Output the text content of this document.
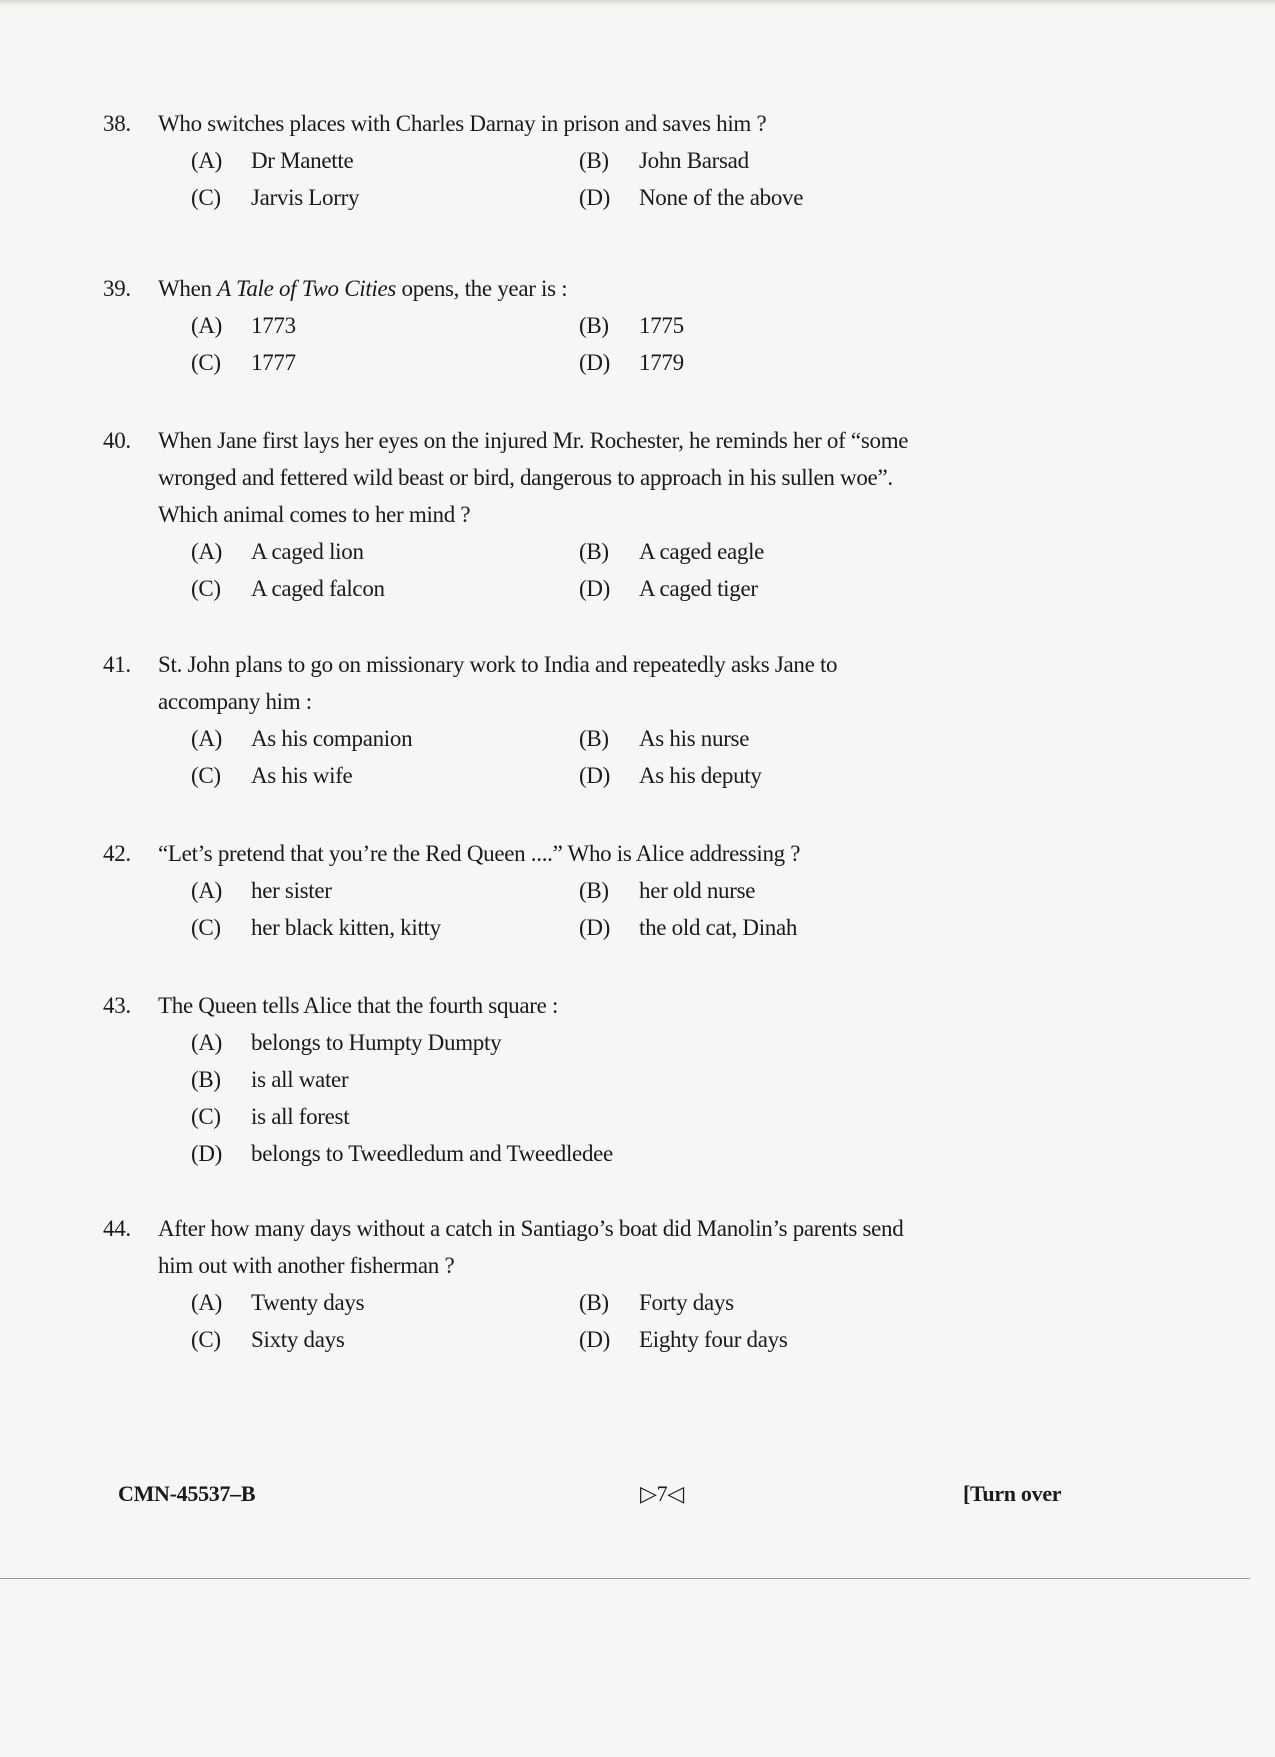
38.	Who switches places with Charles Darnay in prison and saves him ?
(A) Dr Manette	(B) John Barsad
(C) Jarvis Lorry	(D) None of the above
39.	When A Tale of Two Cities opens, the year is :
(A) 1773	(B) 1775
(C) 1777	(D) 1779
40.	When Jane first lays her eyes on the injured Mr. Rochester, he reminds her of “some
wronged and fettered wild beast or bird, dangerous to approach in his sullen woe”.
Which animal comes to her mind ?
(A) A caged lion	(B) A caged eagle
(C) A caged falcon	(D) A caged tiger
41.	St. John plans to go on missionary work to India and repeatedly asks Jane to
accompany him :
(A) As his companion	(B) As his nurse
(C) As his wife	(D) As his deputy
42.	“Let’s pretend that you’re the Red Queen ....” Who is Alice addressing ?
(A) her sister	(B) her old nurse
(C) her black kitten, kitty	(D) the old cat, Dinah
43.	The Queen tells Alice that the fourth square :
(A) belongs to Humpty Dumpty
(B) is all water
(C) is all forest
(D) belongs to Tweedledum and Tweedledee
44.	After how many days without a catch in Santiago’s boat did Manolin’s parents send
him out with another fisherman ?
(A) Twenty days	(B) Forty days
(C) Sixty days	(D) Eighty four days
CMN-45537–B	▷7◁	[Turn over
